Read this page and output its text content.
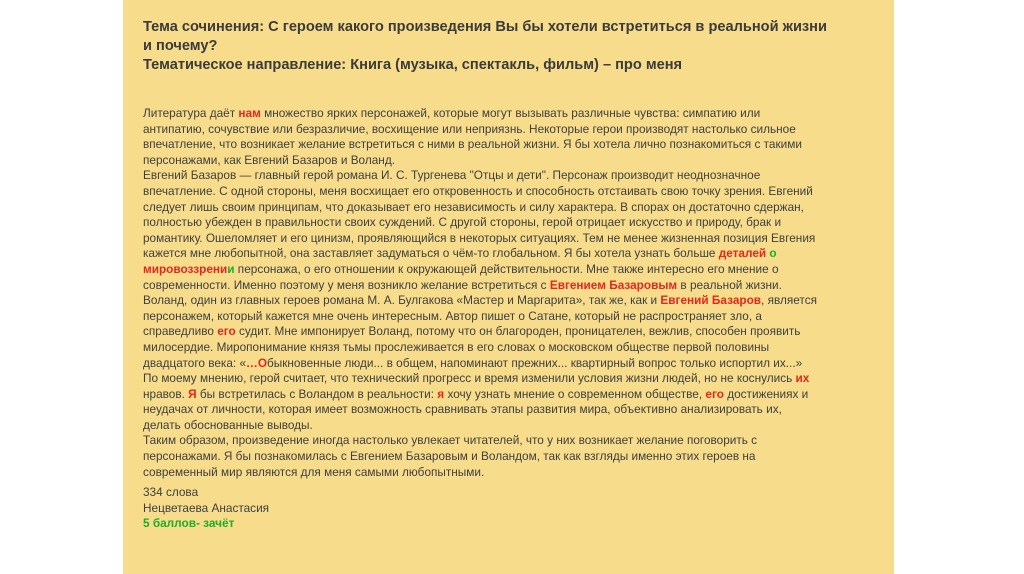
Тема сочинения: С героем какого произведения Вы бы хотели встретиться в реальной жизни
и почему?
Тематическое направление: Книга (музыка, спектакль, фильм) – про меня
Литература даёт нам множество ярких персонажей, которые могут вызывать различные чувства: симпатию или
антипатию, сочувствие или безразличие, восхищение или неприязнь. Некоторые герои производят настолько сильное
впечатление, что возникает желание встретиться с ними в реальной жизни. Я бы хотела лично познакомиться с такими
персонажами, как Евгений Базаров и Воланд.
Евгений Базаров — главный герой романа И. С. Тургенева "Отцы и дети". Персонаж производит неоднозначное
впечатление. С одной стороны, меня восхищает его откровенность и способность отстаивать свою точку зрения. Евгений
следует лишь своим принципам, что доказывает его независимость и силу характера. В спорах он достаточно сдержан,
полностью убежден в правильности своих суждений. С другой стороны, герой отрицает искусство и природу, брак и
романтику. Ошеломляет и его цинизм, проявляющийся в некоторых ситуациях. Тем не менее жизненная позиция Евгения
кажется мне любопытной, она заставляет задуматься о чём-то глобальном. Я бы хотела узнать больше деталей о
мировоззрении персонажа, о его отношении к окружающей действительности. Мне также интересно его мнение о
современности. Именно поэтому у меня возникло желание встретиться с Евгением Базаровым в реальной жизни.
Воланд, один из главных героев романа М. А. Булгакова «Мастер и Маргарита», так же, как и Евгений Базаров, является
персонажем, который кажется мне очень интересным. Автор пишет о Сатане, который не распространяет зло, а
справедливо его судит. Мне импонирует Воланд, потому что он благороден, проницателен, вежлив, способен проявить
милосердие. Миропонимание князя тьмы прослеживается в его словах о московском обществе первой половины
двадцатого века: «…Обыкновенные люди... в общем, напоминают прежних... квартирный вопрос только испортил их...»
По моему мнению, герой считает, что технический прогресс и время изменили условия жизни людей, но не коснулись их
нравов. Я бы встретилась с Воландом в реальности: я хочу узнать мнение о современном обществе, его достижениях и
неудачах от личности, которая имеет возможность сравнивать этапы развития мира, объективно анализировать их,
делать обоснованные выводы.
Таким образом, произведение иногда настолько увлекает читателей, что у них возникает желание поговорить с
персонажами. Я бы познакомилась с Евгением Базаровым и Воландом, так как взгляды именно этих героев на
современный мир являются для меня самыми любопытными.
334 слова
Нецветаева Анастасия
5 баллов- зачёт
